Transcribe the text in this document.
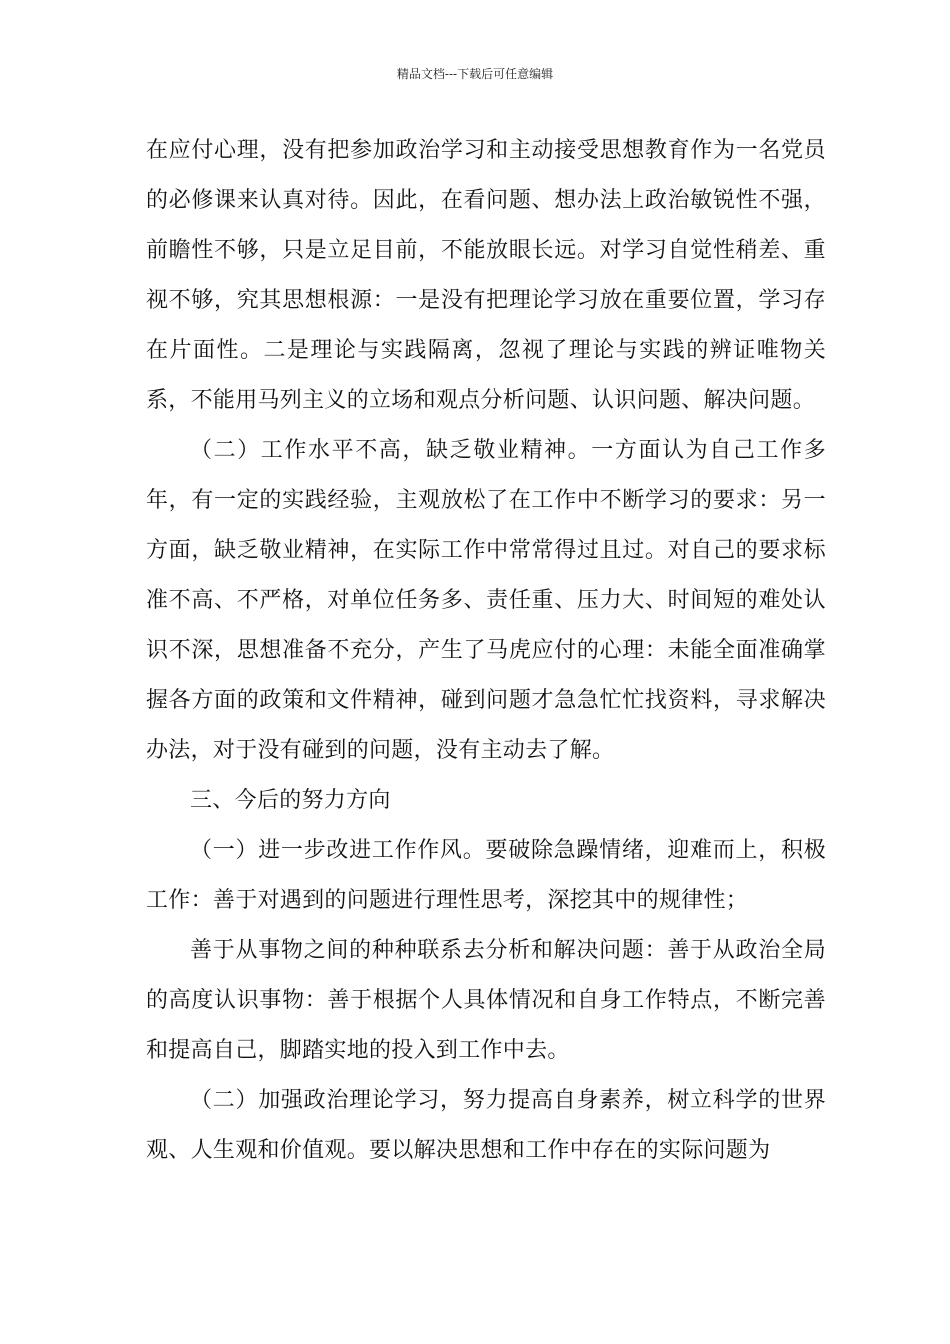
精品文档---下载后可任意编辑

在应付心理，没有把参加政治学习和主动接受思想教育作为一名党员的必修课来认真对待。因此，在看问题、想办法上政治敏锐性不强，前瞻性不够，只是立足目前，不能放眼长远。对学习自觉性稍差、重视不够，究其思想根源：一是没有把理论学习放在重要位置，学习存在片面性。二是理论与实践隔离，忽视了理论与实践的辨证唯物关系，不能用马列主义的立场和观点分析问题、认识问题、解决问题。

（二）工作水平不高，缺乏敬业精神。一方面认为自己工作多年，有一定的实践经验，主观放松了在工作中不断学习的要求：另一方面，缺乏敬业精神，在实际工作中常常得过且过。对自己的要求标准不高、不严格，对单位任务多、责任重、压力大、时间短的难处认识不深，思想准备不充分，产生了马虎应付的心理：未能全面准确掌握各方面的政策和文件精神，碰到问题才急急忙忙找资料，寻求解决办法，对于没有碰到的问题，没有主动去了解。

三、今后的努力方向

（一）进一步改进工作作风。要破除急躁情绪，迎难而上，积极工作：善于对遇到的问题进行理性思考，深挖其中的规律性；

善于从事物之间的种种联系去分析和解决问题：善于从政治全局的高度认识事物：善于根据个人具体情况和自身工作特点，不断完善和提高自己，脚踏实地的投入到工作中去。

（二）加强政治理论学习，努力提高自身素养，树立科学的世界观、人生观和价值观。要以解决思想和工作中存在的实际问题为
